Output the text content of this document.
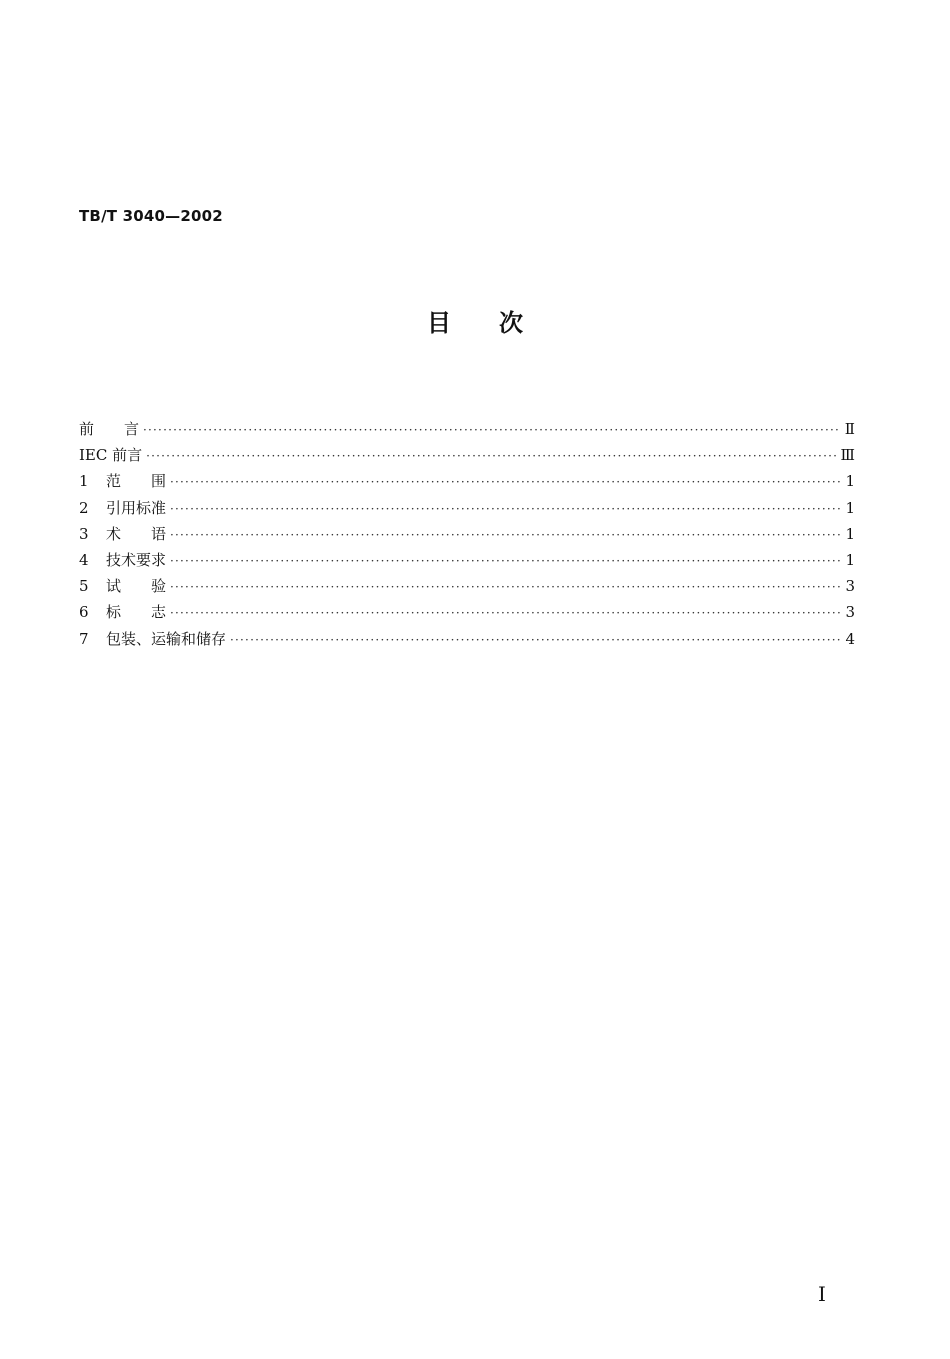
TB/T 3040—2002
目 次
前　　言 ·····	Ⅱ
IEC 前言 ·····	Ⅲ
1	范　　围 ·····	1
2	引用标准 ·····	1
3	术　　语 ·····	1
4	技术要求 ·····	1
5	试　　验 ·····	3
6	标　　志 ·····	3
7	包装、运输和储存 ·····	4
I
